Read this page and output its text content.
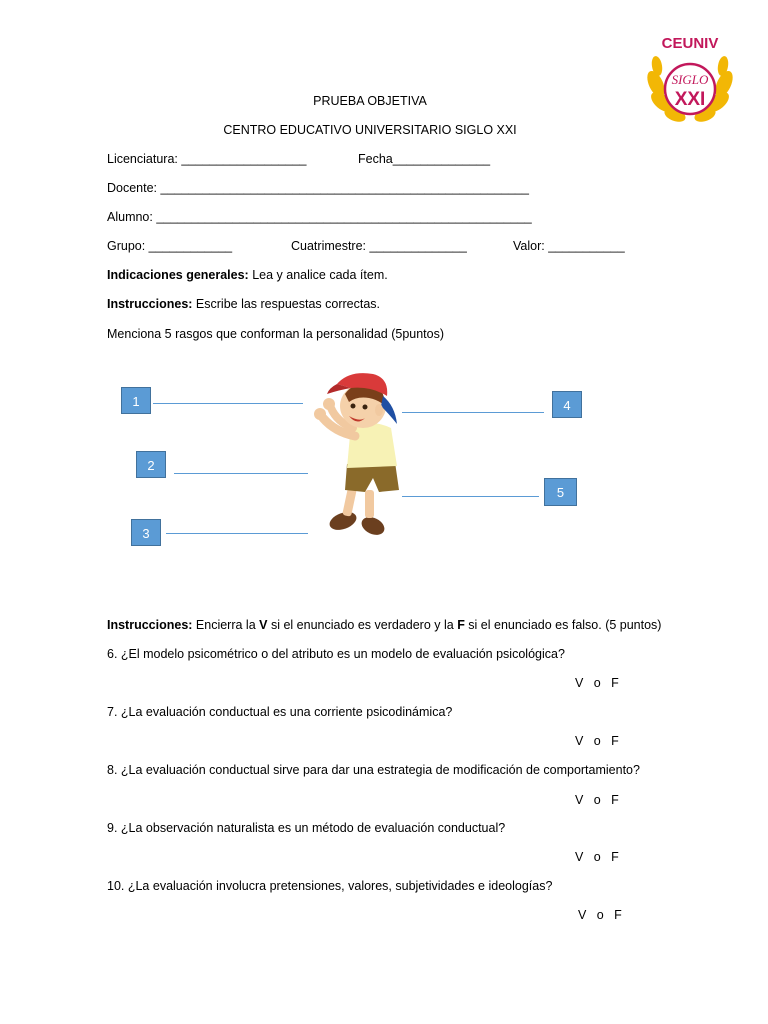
CEUNIV
SIGLO
XXI
PRUEBA OBJETIVA
CENTRO EDUCATIVO UNIVERSITARIO SIGLO XXI
Licenciatura: __________________	Fecha______________
Docente: _____________________________________________________
Alumno: ______________________________________________________
Grupo: ____________	Cuatrimestre: ______________	Valor: ___________
Indicaciones generales: Lea y analice cada ítem.
Instrucciones: Escribe las respuestas correctas.
Menciona 5 rasgos que conforman la personalidad (5puntos)
1
2
3
4
5
Instrucciones: Encierra la V si el enunciado es verdadero y la F si el enunciado es falso. (5 puntos)
6. ¿El modelo psicométrico o del atributo es un modelo de evaluación psicológica?
V o F
7. ¿La evaluación conductual es una corriente psicodinámica?
V o F
8. ¿La evaluación conductual sirve para dar una estrategia de modificación de comportamiento?
V o F
9. ¿La observación naturalista es un método de evaluación conductual?
V o F
10. ¿La evaluación involucra pretensiones, valores, subjetividades e ideologías?
V o F
